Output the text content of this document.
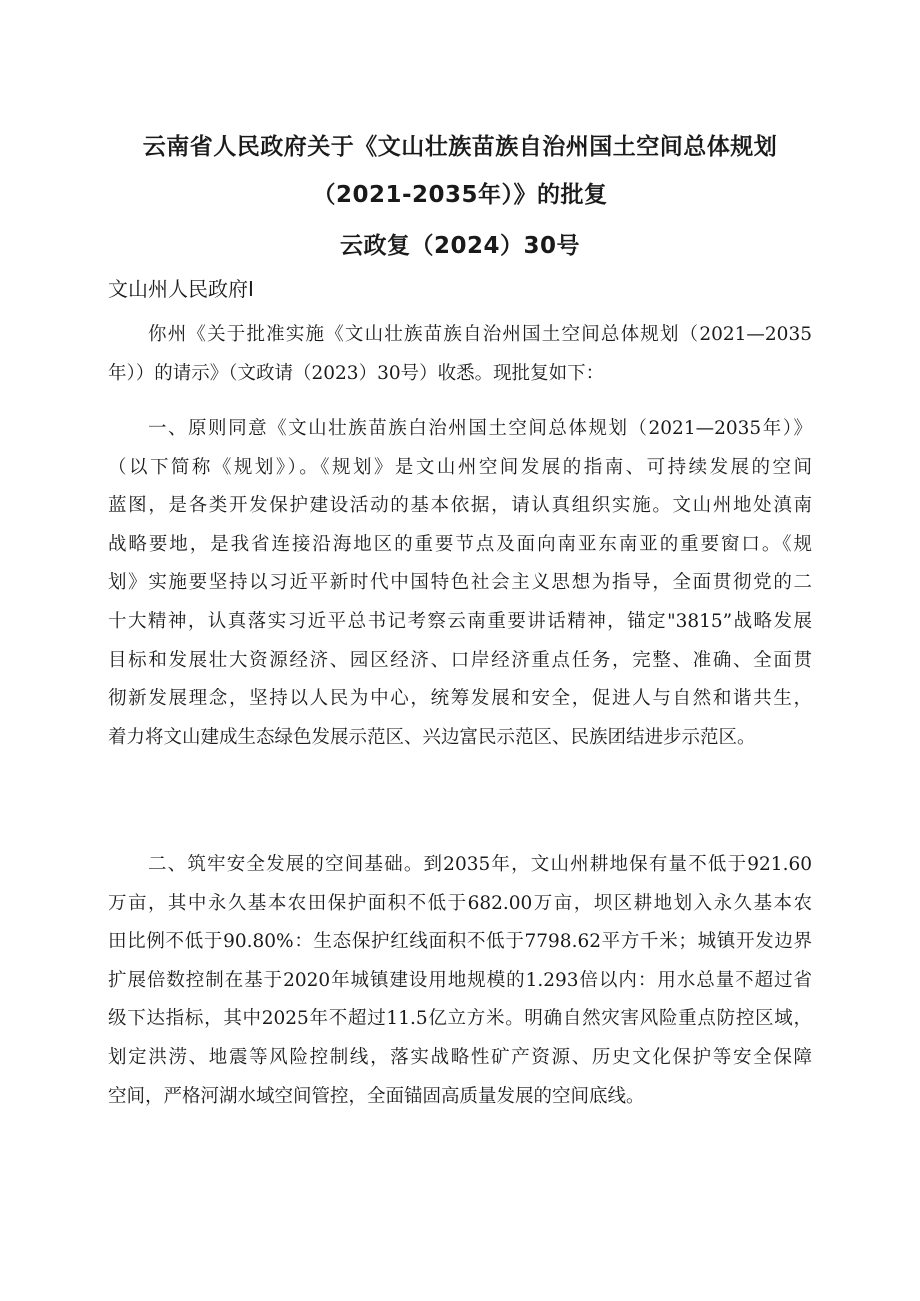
云南省人民政府关于《文山壮族苗族自治州国土空间总体规划
（2021-2035年）》的批复
云政复（2024）30号
文山州人民政府I
你州《关于批准实施《文山壮族苗族自治州国土空间总体规划（2021—2035
年））的请示》（文政请（2023）30号）收悉。现批复如下：
一、原则同意《文山壮族苗族白治州国土空间总体规划（2021—2035年）》
（以下简称《规划》）。《规划》是文山州空间发展的指南、可持续发展的空间
蓝图，是各类开发保护建设活动的基本依据，请认真组织实施。文山州地处滇南
战略要地，是我省连接沿海地区的重要节点及面向南亚东南亚的重要窗口。《规
划》实施要坚持以习近平新时代中国特色社会主义思想为指导，全面贯彻党的二
十大精神，认真落实习近平总书记考察云南重要讲话精神，锚定"3815”战略发展
目标和发展壮大资源经济、园区经济、口岸经济重点任务，完整、准确、全面贯
彻新发展理念，坚持以人民为中心，统筹发展和安全，促进人与自然和谐共生，
着力将文山建成生态绿色发展示范区、兴边富民示范区、民族团结进步示范区。
二、筑牢安全发展的空间基础。到2035年，文山州耕地保有量不低于921.60
万亩，其中永久基本农田保护面积不低于682.00万亩，坝区耕地划入永久基本农
田比例不低于90.80%：生态保护红线面积不低于7798.62平方千米；城镇开发边界
扩展倍数控制在基于2020年城镇建设用地规模的1.293倍以内：用水总量不超过省
级下达指标，其中2025年不超过11.5亿立方米。明确自然灾害风险重点防控区域，
划定洪涝、地震等风险控制线，落实战略性矿产资源、历史文化保护等安全保障
空间，严格河湖水域空间管控，全面锚固高质量发展的空间底线。
